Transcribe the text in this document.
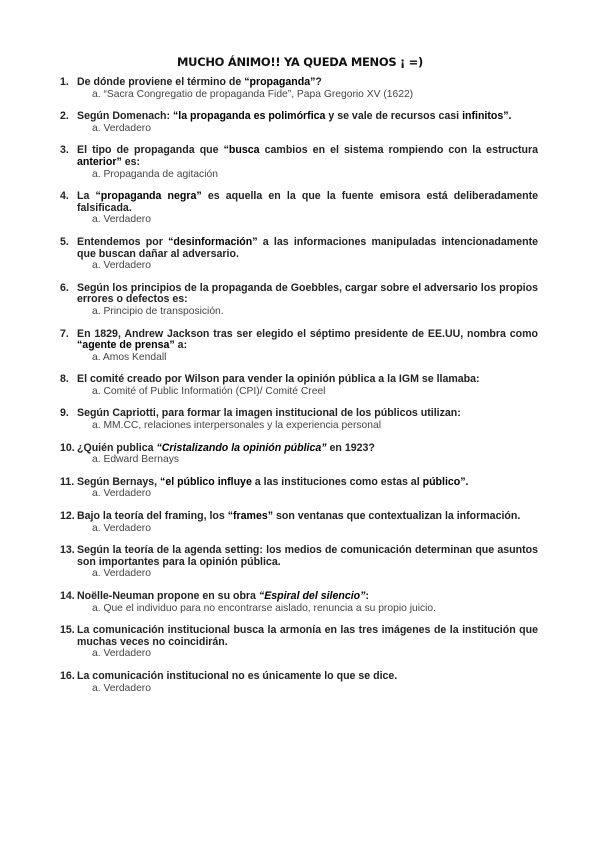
MUCHO ÁNIMO!! YA QUEDA MENOS ¡ =)
1. De dónde proviene el término de “propaganda”?
a. “Sacra Congregatio de propaganda Fide”, Papa Gregorio XV (1622)
2. Según Domenach: “la propaganda es polimórfica y se vale de recursos casi infinitos”.
a. Verdadero
3. El tipo de propaganda que “busca cambios en el sistema rompiendo con la estructura anterior” es:
a. Propaganda de agitación
4. La “propaganda negra” es aquella en la que la fuente emisora está deliberadamente falsificada.
a. Verdadero
5. Entendemos por “desinformación” a las informaciones manipuladas intencionadamente que buscan dañar al adversario.
a. Verdadero
6. Según los principios de la propaganda de Goebbles, cargar sobre el adversario los propios errores o defectos es:
a. Principio de transposición.
7. En 1829, Andrew Jackson tras ser elegido el séptimo presidente de EE.UU, nombra como “agente de prensa” a:
a. Amos Kendall
8. El comité creado por Wilson para vender la opinión pública a la IGM se llamaba:
a. Comité of Public Informatión (CPI)/ Comité Creel
9. Según Capriotti, para formar la imagen institucional de los públicos utilizan:
a. MM.CC, relaciones interpersonales y la experiencia personal
10. ¿Quién publica “Cristalizando la opinión pública” en 1923?
a. Edward Bernays
11. Según Bernays, “el público influye a las instituciones como estas al público”.
a. Verdadero
12. Bajo la teoría del framing, los “frames” son ventanas que contextualizan la información.
a. Verdadero
13. Según la teoría de la agenda setting: los medios de comunicación determinan que asuntos son importantes para la opinión pública.
a. Verdadero
14. Noëlle-Neuman propone en su obra “Espiral del silencio”:
a. Que el individuo para no encontrarse aislado, renuncia a su propio juicio.
15. La comunicación institucional busca la armonía en las tres imágenes de la institución que muchas veces no coincidirán.
a. Verdadero
16. La comunicación institucional no es únicamente lo que se dice.
a. Verdadero
